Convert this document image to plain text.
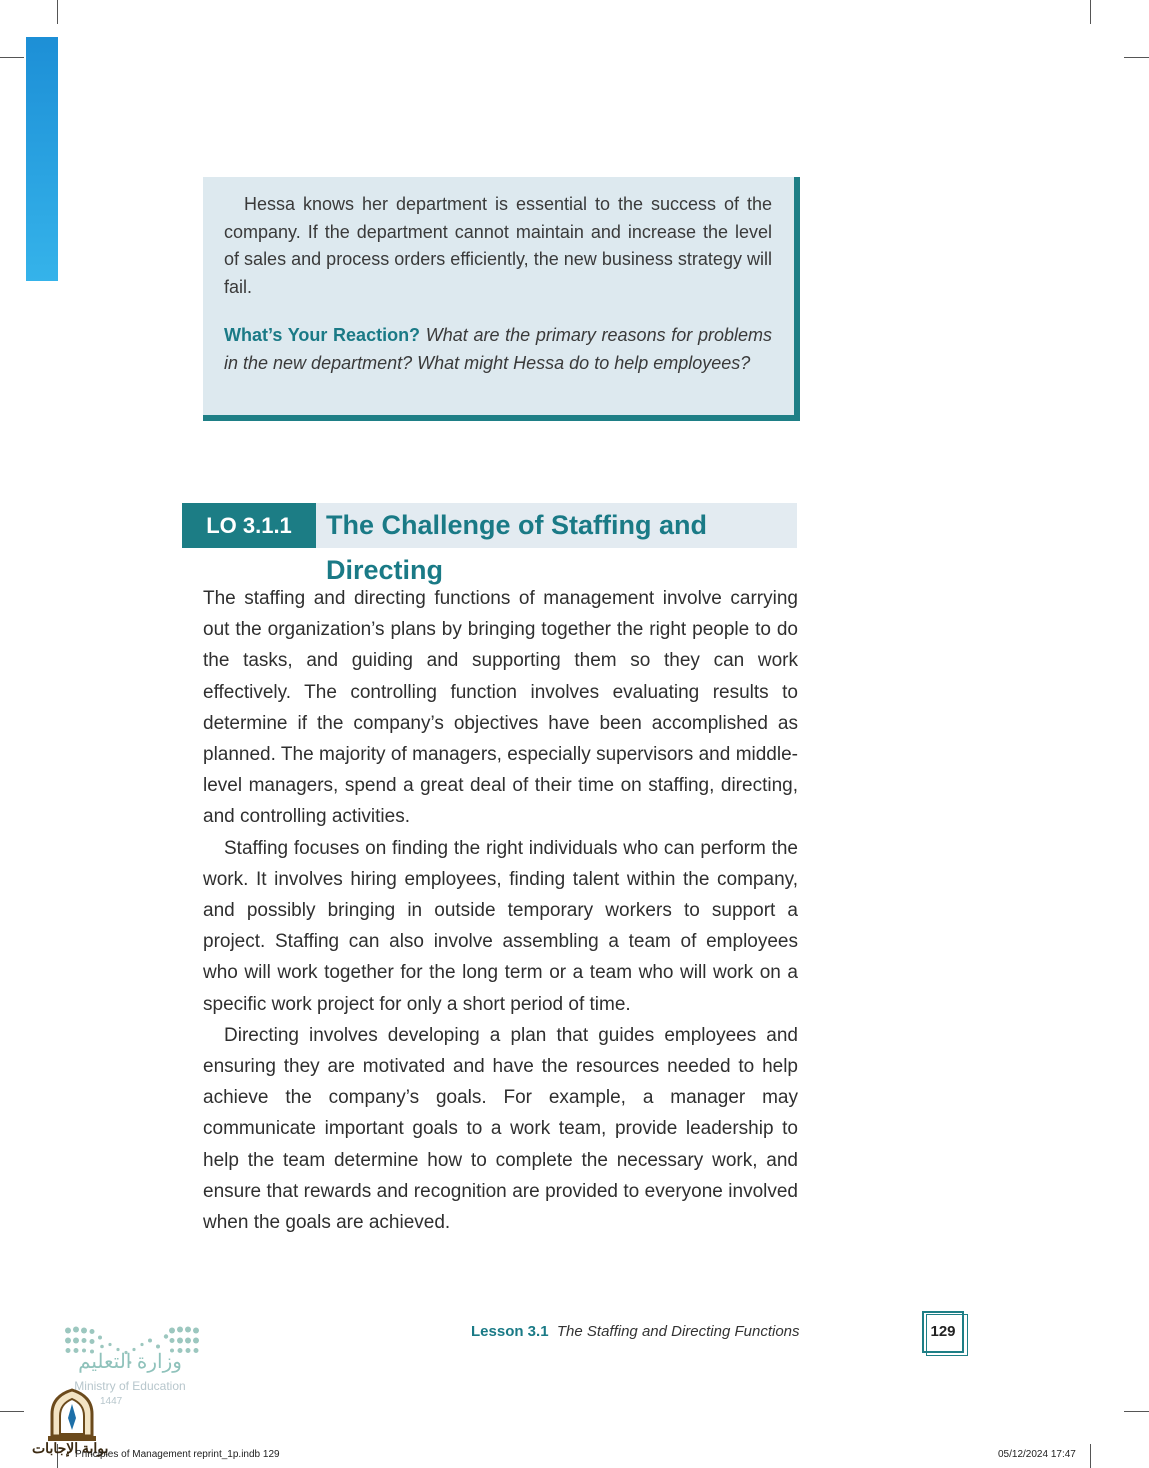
Hessa knows her department is essential to the success of the company. If the department cannot maintain and increase the level of sales and process orders efficiently, the new business strategy will fail.

What’s Your Reaction? What are the primary reasons for problems in the new department? What might Hessa do to help employees?

LO 3.1.1	The Challenge of Staffing and Directing

The staffing and directing functions of management involve carrying out the organization’s plans by bringing together the right people to do the tasks, and guiding and supporting them so they can work effectively. The controlling function involves evaluating results to determine if the company’s objectives have been accomplished as planned. The majority of managers, especially supervisors and middle-level managers, spend a great deal of their time on staffing, directing, and controlling activities.

Staffing focuses on finding the right individuals who can perform the work. It involves hiring employees, finding talent within the company, and possibly bringing in outside temporary workers to support a project. Staffing can also involve assembling a team of employees who will work together for the long term or a team who will work on a specific work project for only a short period of time.

Directing involves developing a plan that guides employees and ensuring they are motivated and have the resources needed to help achieve the company’s goals. For example, a manager may communicate important goals to a work team, provide leadership to help the team determine how to complete the necessary work, and ensure that rewards and recognition are provided to everyone involved when the goals are achieved.

وزارة التعليم
Ministry of Education
1447
Lesson 3.1 The Staffing and Directing Functions	129
بوابة الإجابات
Principles of Management reprint_1p.indb 129	05/12/2024 17:47
